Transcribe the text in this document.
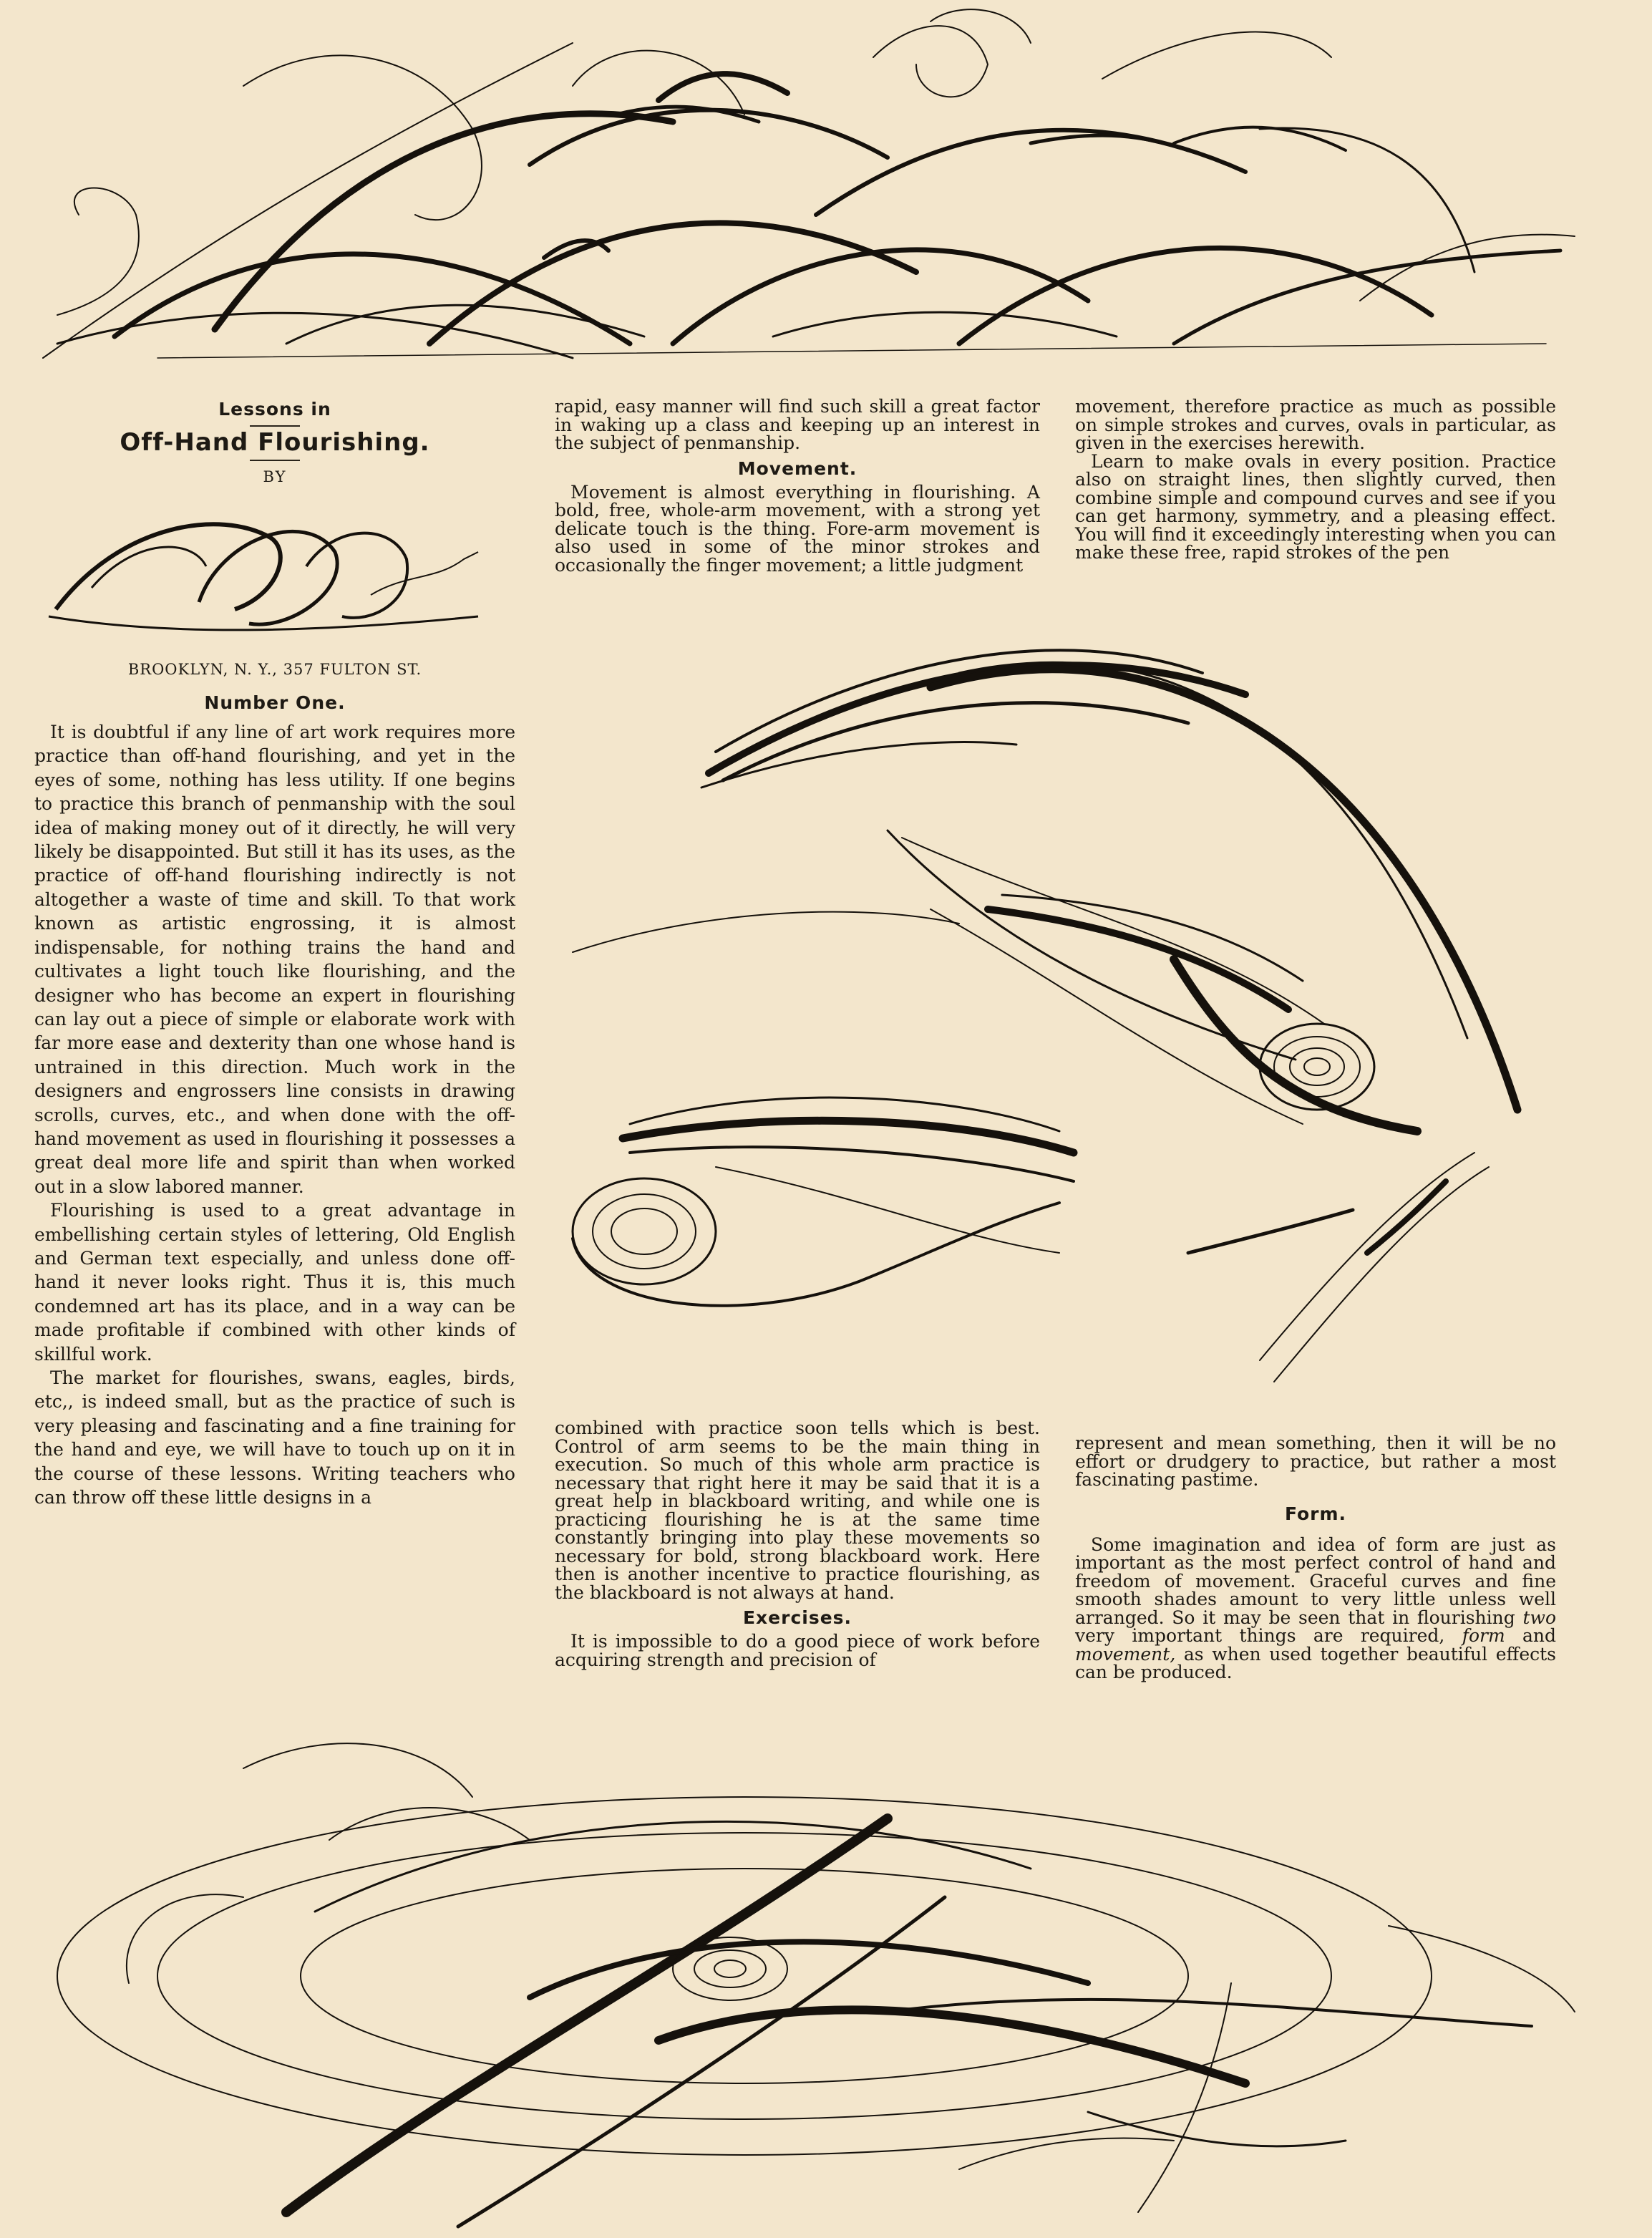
Lessons in
Off-Hand Flourishing.
BY
BROOKLYN, N. Y., 357 FULTON ST.
Number One.

It is doubtful if any line of art work requires more practice than off-hand flourishing, and yet in the eyes of some, nothing has less utility. If one begins to practice this branch of penmanship with the soul idea of making money out of it directly, he will very likely be disappointed. But still it has its uses, as the practice of off-hand flourishing indirectly is not altogether a waste of time and skill. To that work known as artistic engrossing, it is almost indispensable, for nothing trains the hand and cultivates a light touch like flourishing, and the designer who has become an expert in flourishing can lay out a piece of simple or elaborate work with far more ease and dexterity than one whose hand is untrained in this direction. Much work in the designers and engrossers line consists in drawing scrolls, curves, etc., and when done with the off-hand movement as used in flourishing it possesses a great deal more life and spirit than when worked out in a slow labored manner.

Flourishing is used to a great advantage in embellishing certain styles of lettering, Old English and German text especially, and unless done off-hand it never looks right. Thus it is, this much condemned art has its place, and in a way can be made profitable if combined with other kinds of skillful work.

The market for flourishes, swans, eagles, birds, etc,, is indeed small, but as the practice of such is very pleasing and fascinating and a fine training for the hand and eye, we will have to touch up on it in the course of these lessons. Writing teachers who can throw off these little designs in a

rapid, easy manner will find such skill a great factor in waking up a class and keeping up an interest in the subject of penmanship.

Movement.

Movement is almost everything in flourishing. A bold, free, whole-arm movement, with a strong yet delicate touch is the thing. Fore-arm movement is also used in some of the minor strokes and occasionally the finger movement; a little judgment

movement, therefore practice as much as possible on simple strokes and curves, ovals in particular, as given in the exercises herewith.

Learn to make ovals in every position. Practice also on straight lines, then slightly curved, then combine simple and compound curves and see if you can get harmony, symmetry, and a pleasing effect. You will find it exceedingly interesting when you can make these free, rapid strokes of the pen

combined with practice soon tells which is best. Control of arm seems to be the main thing in execution. So much of this whole arm practice is necessary that right here it may be said that it is a great help in blackboard writing, and while one is practicing flourishing he is at the same time constantly bringing into play these movements so necessary for bold, strong blackboard work. Here then is another incentive to practice flourishing, as the blackboard is not always at hand.

Exercises.

It is impossible to do a good piece of work before acquiring strength and precision of

represent and mean something, then it will be no effort or drudgery to practice, but rather a most fascinating pastime.

Form.

Some imagination and idea of form are just as important as the most perfect control of hand and freedom of movement. Graceful curves and fine smooth shades amount to very little unless well arranged. So it may be seen that in flourishing two very important things are required, form and movement, as when used together beautiful effects can be produced.
